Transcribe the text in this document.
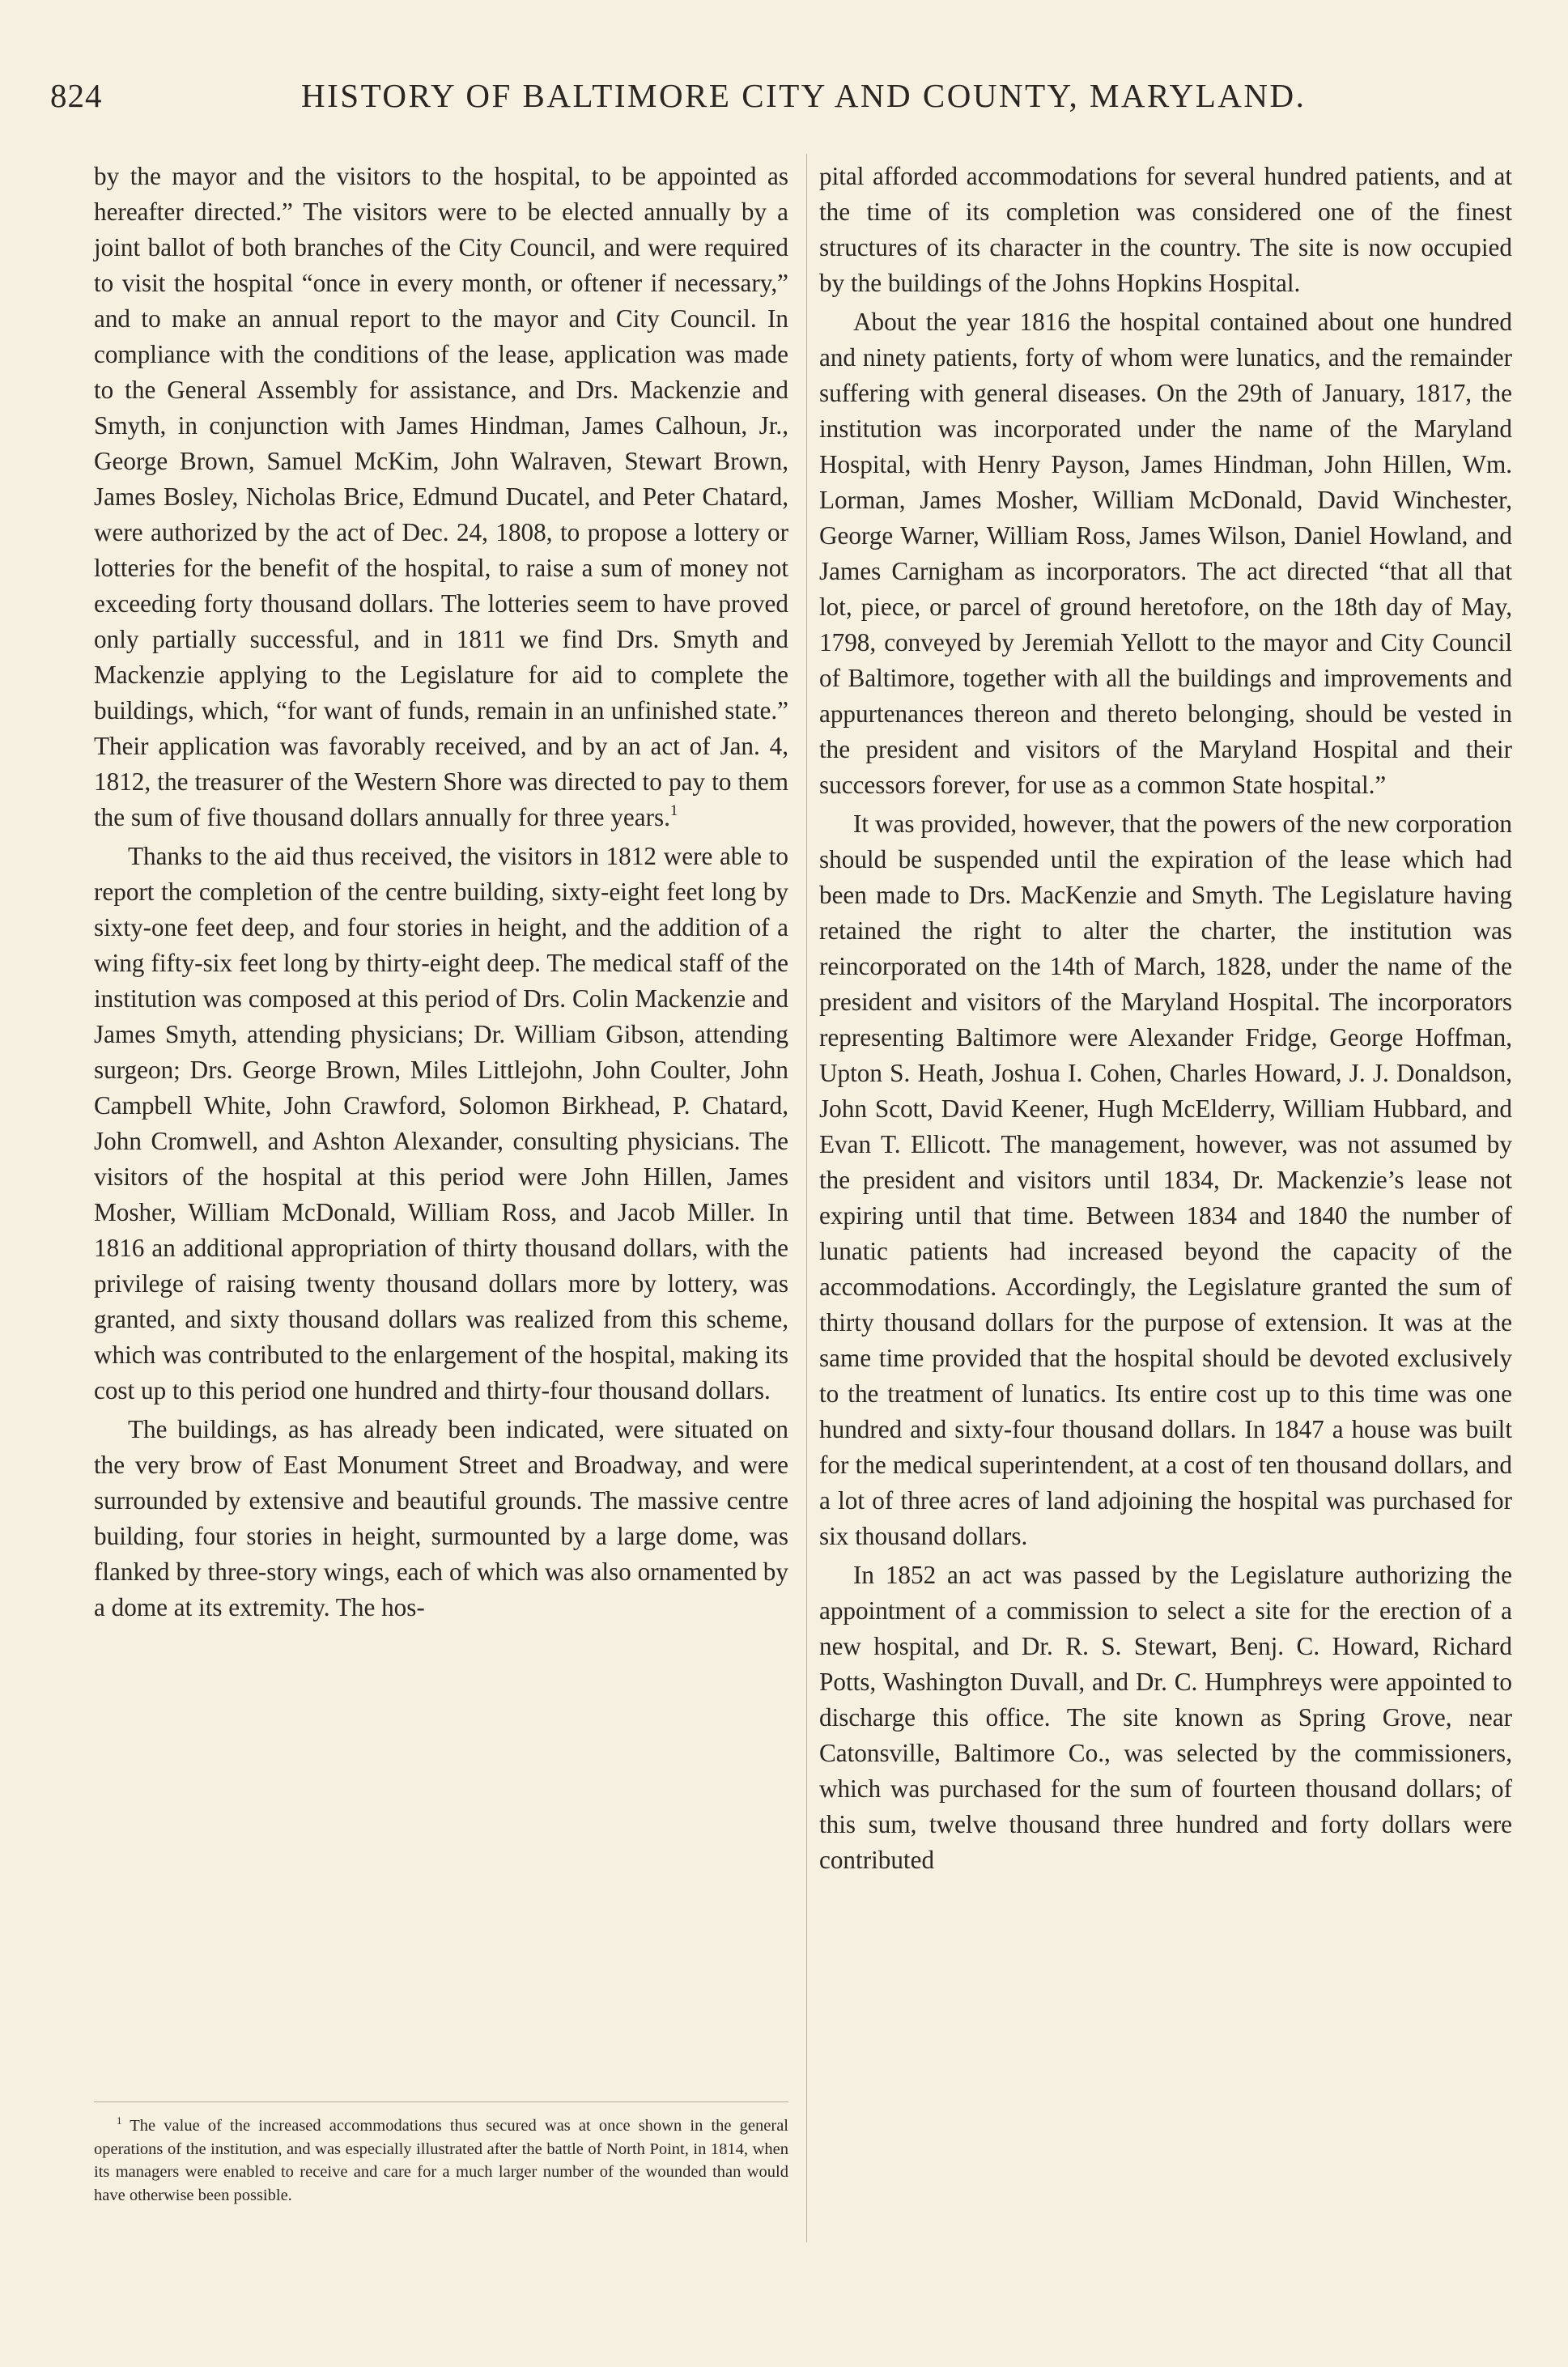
824	HISTORY OF BALTIMORE CITY AND COUNTY, MARYLAND.

by the mayor and the visitors to the hospital, to be appointed as hereafter directed.” The visitors were to be elected annually by a joint ballot of both branches of the City Council, and were required to visit the hospital “once in every month, or oftener if necessary,” and to make an annual report to the mayor and City Council. In compliance with the conditions of the lease, application was made to the General Assembly for assistance, and Drs. Mackenzie and Smyth, in conjunction with James Hindman, James Calhoun, Jr., George Brown, Samuel McKim, John Walraven, Stewart Brown, James Bosley, Nicholas Brice, Edmund Ducatel, and Peter Chatard, were authorized by the act of Dec. 24, 1808, to propose a lottery or lotteries for the benefit of the hospital, to raise a sum of money not exceeding forty thousand dollars. The lotteries seem to have proved only partially successful, and in 1811 we find Drs. Smyth and Mackenzie applying to the Legislature for aid to complete the buildings, which, “for want of funds, remain in an unfinished state.” Their application was favorably received, and by an act of Jan. 4, 1812, the treasurer of the Western Shore was directed to pay to them the sum of five thousand dollars annually for three years.$^1$

Thanks to the aid thus received, the visitors in 1812 were able to report the completion of the centre building, sixty-eight feet long by sixty-one feet deep, and four stories in height, and the addition of a wing fifty-six feet long by thirty-eight deep. The medical staff of the institution was composed at this period of Drs. Colin Mackenzie and James Smyth, attending physicians; Dr. William Gibson, attending surgeon; Drs. George Brown, Miles Littlejohn, John Coulter, John Campbell White, John Crawford, Solomon Birkhead, P. Chatard, John Cromwell, and Ashton Alexander, consulting physicians. The visitors of the hospital at this period were John Hillen, James Mosher, William McDonald, William Ross, and Jacob Miller. In 1816 an additional appropriation of thirty thousand dollars, with the privilege of raising twenty thousand dollars more by lottery, was granted, and sixty thousand dollars was realized from this scheme, which was contributed to the enlargement of the hospital, making its cost up to this period one hundred and thirty-four thousand dollars.

The buildings, as has already been indicated, were situated on the very brow of East Monument Street and Broadway, and were surrounded by extensive and beautiful grounds. The massive centre building, four stories in height, surmounted by a large dome, was flanked by three-story wings, each of which was also ornamented by a dome at its extremity. The hos-

pital afforded accommodations for several hundred patients, and at the time of its completion was considered one of the finest structures of its character in the country. The site is now occupied by the buildings of the Johns Hopkins Hospital.

About the year 1816 the hospital contained about one hundred and ninety patients, forty of whom were lunatics, and the remainder suffering with general diseases. On the 29th of January, 1817, the institution was incorporated under the name of the Maryland Hospital, with Henry Payson, James Hindman, John Hillen, Wm. Lorman, James Mosher, William McDonald, David Winchester, George Warner, William Ross, James Wilson, Daniel Howland, and James Carnigham as incorporators. The act directed “that all that lot, piece, or parcel of ground heretofore, on the 18th day of May, 1798, conveyed by Jeremiah Yellott to the mayor and City Council of Baltimore, together with all the buildings and improvements and appurtenances thereon and thereto belonging, should be vested in the president and visitors of the Maryland Hospital and their successors forever, for use as a common State hospital.”

It was provided, however, that the powers of the new corporation should be suspended until the expiration of the lease which had been made to Drs. MacKenzie and Smyth. The Legislature having retained the right to alter the charter, the institution was reincorporated on the 14th of March, 1828, under the name of the president and visitors of the Maryland Hospital. The incorporators representing Baltimore were Alexander Fridge, George Hoffman, Upton S. Heath, Joshua I. Cohen, Charles Howard, J. J. Donaldson, John Scott, David Keener, Hugh McElderry, William Hubbard, and Evan T. Ellicott. The management, however, was not assumed by the president and visitors until 1834, Dr. Mackenzie’s lease not expiring until that time. Between 1834 and 1840 the number of lunatic patients had increased beyond the capacity of the accommodations. Accordingly, the Legislature granted the sum of thirty thousand dollars for the purpose of extension. It was at the same time provided that the hospital should be devoted exclusively to the treatment of lunatics. Its entire cost up to this time was one hundred and sixty-four thousand dollars. In 1847 a house was built for the medical superintendent, at a cost of ten thousand dollars, and a lot of three acres of land adjoining the hospital was purchased for six thousand dollars.

In 1852 an act was passed by the Legislature authorizing the appointment of a commission to select a site for the erection of a new hospital, and Dr. R. S. Stewart, Benj. C. Howard, Richard Potts, Washington Duvall, and Dr. C. Humphreys were appointed to discharge this office. The site known as Spring Grove, near Catonsville, Baltimore Co., was selected by the commissioners, which was purchased for the sum of fourteen thousand dollars; of this sum, twelve thousand three hundred and forty dollars were contributed

$^1$ The value of the increased accommodations thus secured was at once shown in the general operations of the institution, and was especially illustrated after the battle of North Point, in 1814, when its managers were enabled to receive and care for a much larger number of the wounded than would have otherwise been possible.
